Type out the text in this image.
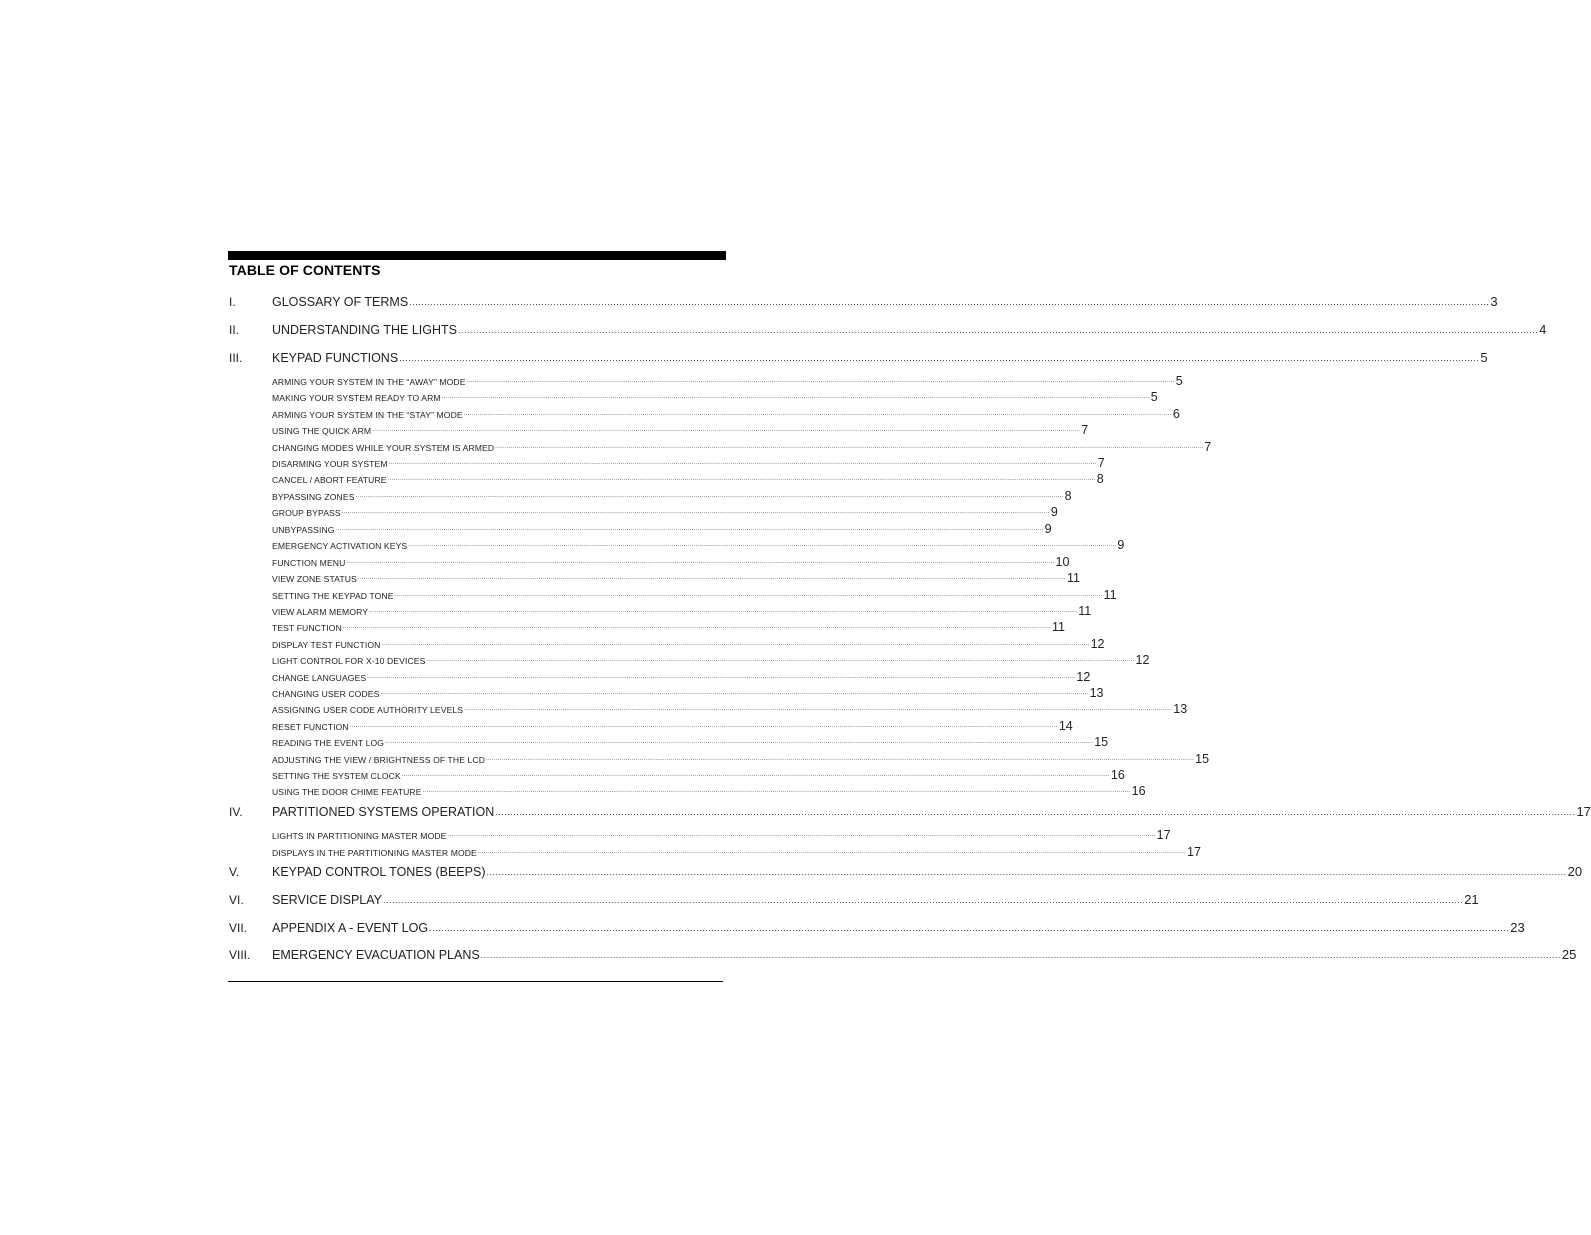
TABLE OF CONTENTS
I.	GLOSSARY OF TERMS ........................................................................................................................................................................................................................................................................................................................................................................ 3
II.	UNDERSTANDING THE LIGHTS ........................................................................................................................................................................................................................................................................................................................................................................ 4
III.	KEYPAD FUNCTIONS ........................................................................................................................................................................................................................................................................................................................................................................ 5
ARMING YOUR SYSTEM IN THE “AWAY” MODE ........................................................................................................................................................................................................................................................................................................................................................................ 5
MAKING YOUR SYSTEM READY TO ARM ........................................................................................................................................................................................................................................................................................................................................................................ 5
ARMING YOUR SYSTEM IN THE “STAY” MODE ........................................................................................................................................................................................................................................................................................................................................................................ 6
USING THE QUICK ARM ........................................................................................................................................................................................................................................................................................................................................................................ 7
CHANGING MODES WHILE YOUR SYSTEM IS ARMED ........................................................................................................................................................................................................................................................................................................................................................................ 7
DISARMING YOUR SYSTEM ........................................................................................................................................................................................................................................................................................................................................................................ 7
CANCEL / ABORT FEATURE ........................................................................................................................................................................................................................................................................................................................................................................ 8
BYPASSING ZONES ........................................................................................................................................................................................................................................................................................................................................................................ 8
GROUP BYPASS ........................................................................................................................................................................................................................................................................................................................................................................ 9
UNBYPASSING ........................................................................................................................................................................................................................................................................................................................................................................ 9
EMERGENCY ACTIVATION KEYS ........................................................................................................................................................................................................................................................................................................................................................................ 9
FUNCTION MENU ........................................................................................................................................................................................................................................................................................................................................................................ 10
VIEW ZONE STATUS ........................................................................................................................................................................................................................................................................................................................................................................ 11
SETTING THE KEYPAD TONE ........................................................................................................................................................................................................................................................................................................................................................................ 11
VIEW ALARM MEMORY ........................................................................................................................................................................................................................................................................................................................................................................ 11
TEST FUNCTION ........................................................................................................................................................................................................................................................................................................................................................................ 11
DISPLAY TEST FUNCTION ........................................................................................................................................................................................................................................................................................................................................................................ 12
LIGHT CONTROL FOR X-10 DEVICES ........................................................................................................................................................................................................................................................................................................................................................................ 12
CHANGE LANGUAGES ........................................................................................................................................................................................................................................................................................................................................................................ 12
CHANGING USER CODES ........................................................................................................................................................................................................................................................................................................................................................................ 13
ASSIGNING USER CODE AUTHORITY LEVELS ........................................................................................................................................................................................................................................................................................................................................................................ 13
RESET FUNCTION ........................................................................................................................................................................................................................................................................................................................................................................ 14
READING THE EVENT LOG ........................................................................................................................................................................................................................................................................................................................................................................ 15
ADJUSTING THE VIEW / BRIGHTNESS OF THE LCD ........................................................................................................................................................................................................................................................................................................................................................................ 15
SETTING THE SYSTEM CLOCK ........................................................................................................................................................................................................................................................................................................................................................................ 16
USING THE DOOR CHIME FEATURE ........................................................................................................................................................................................................................................................................................................................................................................ 16
IV.	PARTITIONED SYSTEMS OPERATION ........................................................................................................................................................................................................................................................................................................................................................................ 17
LIGHTS IN PARTITIONING MASTER MODE ........................................................................................................................................................................................................................................................................................................................................................................ 17
DISPLAYS IN THE PARTITIONING MASTER MODE ........................................................................................................................................................................................................................................................................................................................................................................ 17
V.	KEYPAD CONTROL TONES (BEEPS) ........................................................................................................................................................................................................................................................................................................................................................................ 20
VI.	SERVICE DISPLAY ........................................................................................................................................................................................................................................................................................................................................................................ 21
VII.	APPENDIX A - EVENT LOG ........................................................................................................................................................................................................................................................................................................................................................................ 23
VIII.	EMERGENCY EVACUATION PLANS ........................................................................................................................................................................................................................................................................................................................................................................ 25
